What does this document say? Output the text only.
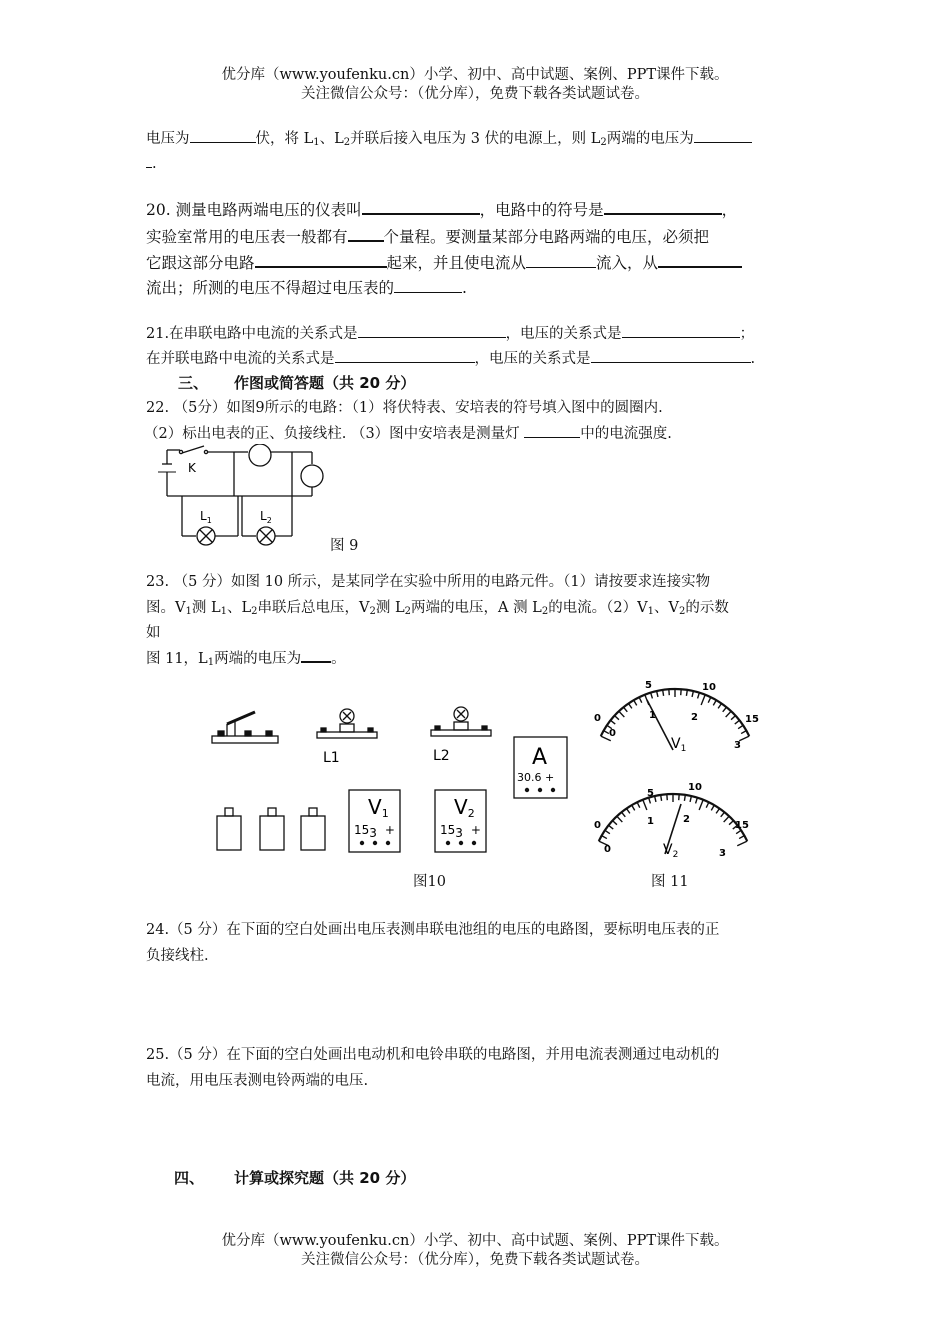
优分库（www.youfenku.cn）小学、初中、高中试题、案例、PPT课件下载。
关注微信公众号：（优分库），免费下载各类试题试卷。
电压为	伏，将 $L_1$、$L_2$并联后接入电压为 3 伏的电源上，则 $L_2$两端的电压为
.
20. 测量电路两端电压的仪表叫	，电路中的符号是	，
实验室常用的电压表一般都有 个量程。要测量某部分电路两端的电压，必须把
它跟这部分电路	起来，并且使电流从	流入，从
流出；所测的电压不得超过电压表的	.
21.在串联电路中电流的关系式是	，电压的关系式是	；
在并联电路中电流的关系式是	，电压的关系式是	.
三、 作图或简答题（共 20 分）
22. （5分）如图9所示的电路：（1）将伏特表、安培表的符号填入图中的圆圈内.
（2）标出电表的正、负接线柱. （3）图中安培表是测量灯	中的电流强度.
K
$L_1$	$L_2$
图 9
23. （5 分）如图 10 所示，是某同学在实验中所用的电路元件。（1）请按要求连接实物
图。$V_1$测 $L_1$、$L_2$串联后总电压，$V_2$测 $L_2$两端的电压，A 测 $L_2$的电流。$(2)V_1$、$V_2$的示数
如
图 11，$L_1$两端的电压为 。
L1	L2	A
30.6 +
V1
153 +
V2
153 +
图10
0
5	10
15
0
1	2
3
0
5
10
15
0
1	2
3
$V_1$
$V_2$
图 11
24.（5 分）在下面的空白处画出电压表测串联电池组的电压的电路图，要标明电压表的正
负接线柱.
25.（5 分）在下面的空白处画出电动机和电铃串联的电路图，并用电流表测通过电动机的
电流，用电压表测电铃两端的电压.
四、 计算或探究题（共 20 分）
优分库（www.youfenku.cn）小学、初中、高中试题、案例、PPT课件下载。
关注微信公众号：（优分库），免费下载各类试题试卷。
